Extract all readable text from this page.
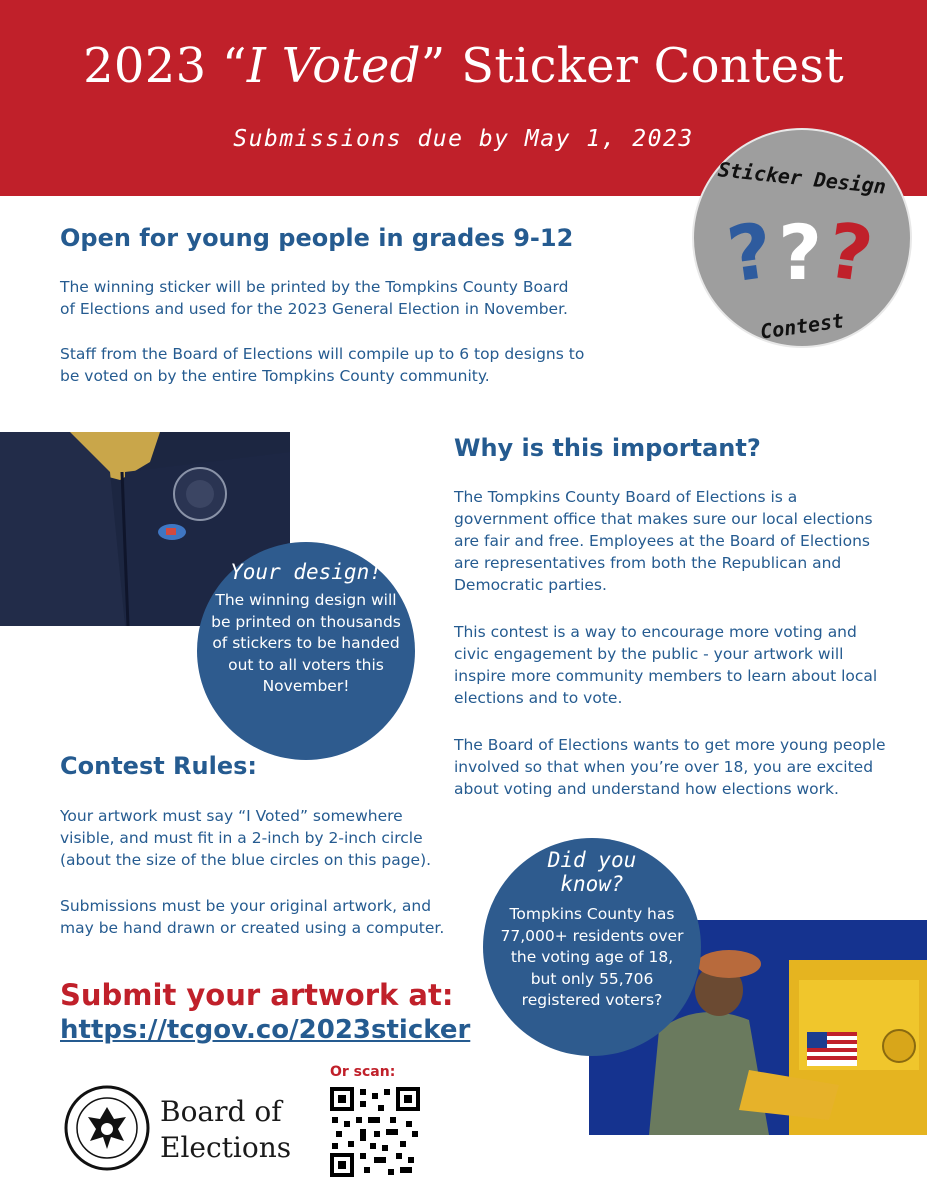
2023 “I Voted” Sticker Contest
Submissions due by May 1, 2023
Sticker Design
? ? ?
Contest
Open for young people in grades 9-12
The winning sticker will be printed by the Tompkins County Board
of Elections and used for the 2023 General Election in November.
Staff from the Board of Elections will compile up to 6 top designs to
be voted on by the entire Tompkins County community.
Your design!
The winning design will
be printed on thousands
of stickers to be handed
out to all voters this
November!
Why is this important?
The Tompkins County Board of Elections is a
government office that makes sure our local elections
are fair and free. Employees at the Board of Elections
are representatives from both the Republican and
Democratic parties.
This contest is a way to encourage more voting and
civic engagement by the public - your artwork will
inspire more community members to learn about local
elections and to vote.
The Board of Elections wants to get more young people
involved so that when you’re over 18, you are excited
about voting and understand how elections work.
Contest Rules:
Your artwork must say “I Voted” somewhere
visible, and must fit in a 2-inch by 2-inch circle
(about the size of the blue circles on this page).
Submissions must be your original artwork, and
may be hand drawn or created using a computer.
Did you
know?
Tompkins County has
77,000+ residents over
the voting age of 18,
but only 55,706
registered voters?
Submit your artwork at:
https://tcgov.co/2023sticker
Or scan:
Board of
Elections
